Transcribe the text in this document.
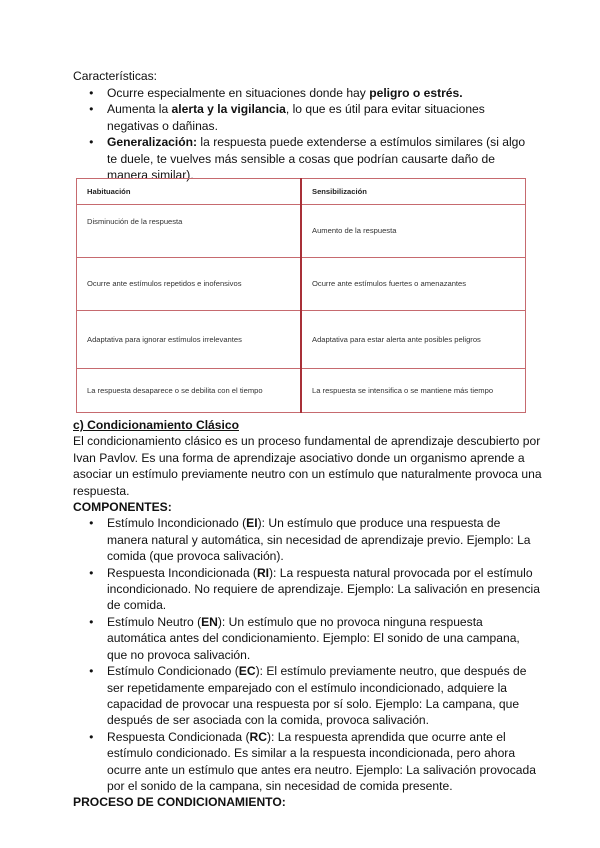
Características:
● Ocurre especialmente en situaciones donde hay peligro o estrés.
● Aumenta la alerta y la vigilancia, lo que es útil para evitar situaciones negativas o dañinas.
● Generalización: la respuesta puede extenderse a estímulos similares (si algo te duele, te vuelves más sensible a cosas que podrían causarte daño de manera similar).
Habituación	Sensibilización
Disminución de la respuesta	Aumento de la respuesta
Ocurre ante estímulos repetidos e inofensivos	Ocurre ante estímulos fuertes o amenazantes
Adaptativa para ignorar estímulos irrelevantes	Adaptativa para estar alerta ante posibles peligros
La respuesta desaparece o se debilita con el tiempo	La respuesta se intensifica o se mantiene más tiempo
c) Condicionamiento Clásico
El condicionamiento clásico es un proceso fundamental de aprendizaje descubierto por Ivan Pavlov. Es una forma de aprendizaje asociativo donde un organismo aprende a asociar un estímulo previamente neutro con un estímulo que naturalmente provoca una respuesta.
COMPONENTES:
● Estímulo Incondicionado (EI): Un estímulo que produce una respuesta de manera natural y automática, sin necesidad de aprendizaje previo. Ejemplo: La comida (que provoca salivación).
● Respuesta Incondicionada (RI): La respuesta natural provocada por el estímulo incondicionado. No requiere de aprendizaje. Ejemplo: La salivación en presencia de comida.
● Estímulo Neutro (EN): Un estímulo que no provoca ninguna respuesta automática antes del condicionamiento. Ejemplo: El sonido de una campana, que no provoca salivación.
● Estímulo Condicionado (EC): El estímulo previamente neutro, que después de ser repetidamente emparejado con el estímulo incondicionado, adquiere la capacidad de provocar una respuesta por sí solo. Ejemplo: La campana, que después de ser asociada con la comida, provoca salivación.
● Respuesta Condicionada (RC): La respuesta aprendida que ocurre ante el estímulo condicionado. Es similar a la respuesta incondicionada, pero ahora ocurre ante un estímulo que antes era neutro. Ejemplo: La salivación provocada por el sonido de la campana, sin necesidad de comida presente.
PROCESO DE CONDICIONAMIENTO:
